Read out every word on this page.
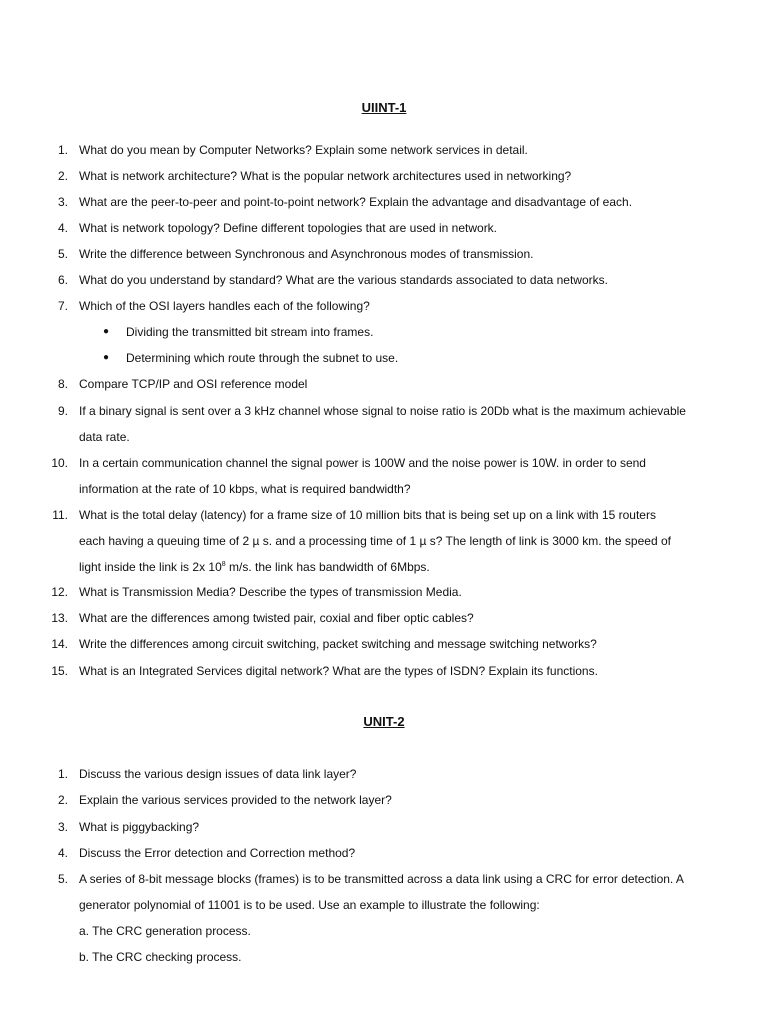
UIINT-1
1. What do you mean by Computer Networks? Explain some network services in detail.
2. What is network architecture? What is the popular network architectures used in networking?
3. What are the peer-to-peer and point-to-point network? Explain the advantage and disadvantage of each.
4. What is network topology? Define different topologies that are used in network.
5. Write the difference between Synchronous and Asynchronous modes of transmission.
6. What do you understand by standard? What are the various standards associated to data networks.
7. Which of the OSI layers handles each of the following?
● Dividing the transmitted bit stream into frames.
● Determining which route through the subnet to use.
8. Compare TCP/IP and OSI reference model
9. If a binary signal is sent over a 3 kHz channel whose signal to noise ratio is 20Db what is the maximum achievable
data rate.
10. In a certain communication channel the signal power is 100W and the noise power is 10W. in order to send
information at the rate of 10 kbps, what is required bandwidth?
11. What is the total delay (latency) for a frame size of 10 million bits that is being set up on a link with 15 routers
each having a queuing time of 2 µ s. and a processing time of 1 µ s? The length of link is 3000 km. the speed of
light inside the link is 2x $10^8$ m/s. the link has bandwidth of 6Mbps.
12. What is Transmission Media? Describe the types of transmission Media.
13. What are the differences among twisted pair, coxial and fiber optic cables?
14. Write the differences among circuit switching, packet switching and message switching networks?
15. What is an Integrated Services digital network? What are the types of ISDN? Explain its functions.
UNIT-2
1. Discuss the various design issues of data link layer?
2. Explain the various services provided to the network layer?
3. What is piggybacking?
4. Discuss the Error detection and Correction method?
5. A series of 8-bit message blocks (frames) is to be transmitted across a data link using a CRC for error detection. A
generator polynomial of 11001 is to be used. Use an example to illustrate the following:
a. The CRC generation process.
b. The CRC checking process.
